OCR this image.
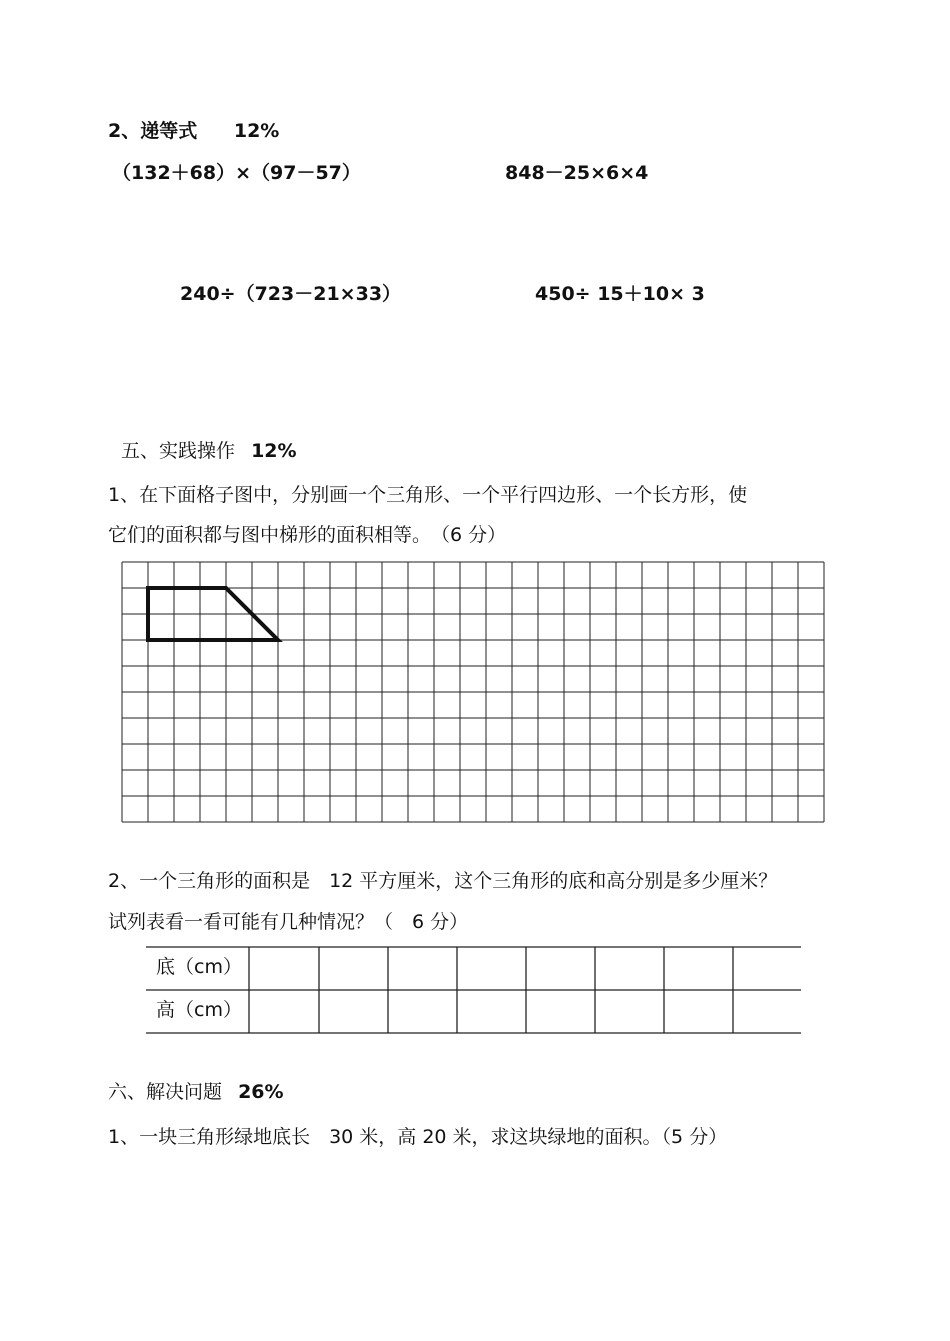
2、递等式 12%
（132＋68）×（97－57）	848－25×6×4
240÷（723－21×33）	450÷ 15＋10× 3
五、实践操作 12%
1、在下面格子图中，分别画一个三角形、一个平行四边形、一个长方形，使
它们的面积都与图中梯形的面积相等。　（6 分）
2、一个三角形的面积是　12 平方厘米，这个三角形的底和高分别是多少厘米？
试列表看一看可能有几种情况？（　6 分）
底（cm）
高（cm）
六、解决问题 26%
1、一块三角形绿地底长　30 米，高 20 米，求这块绿地的面积。（5 分）
